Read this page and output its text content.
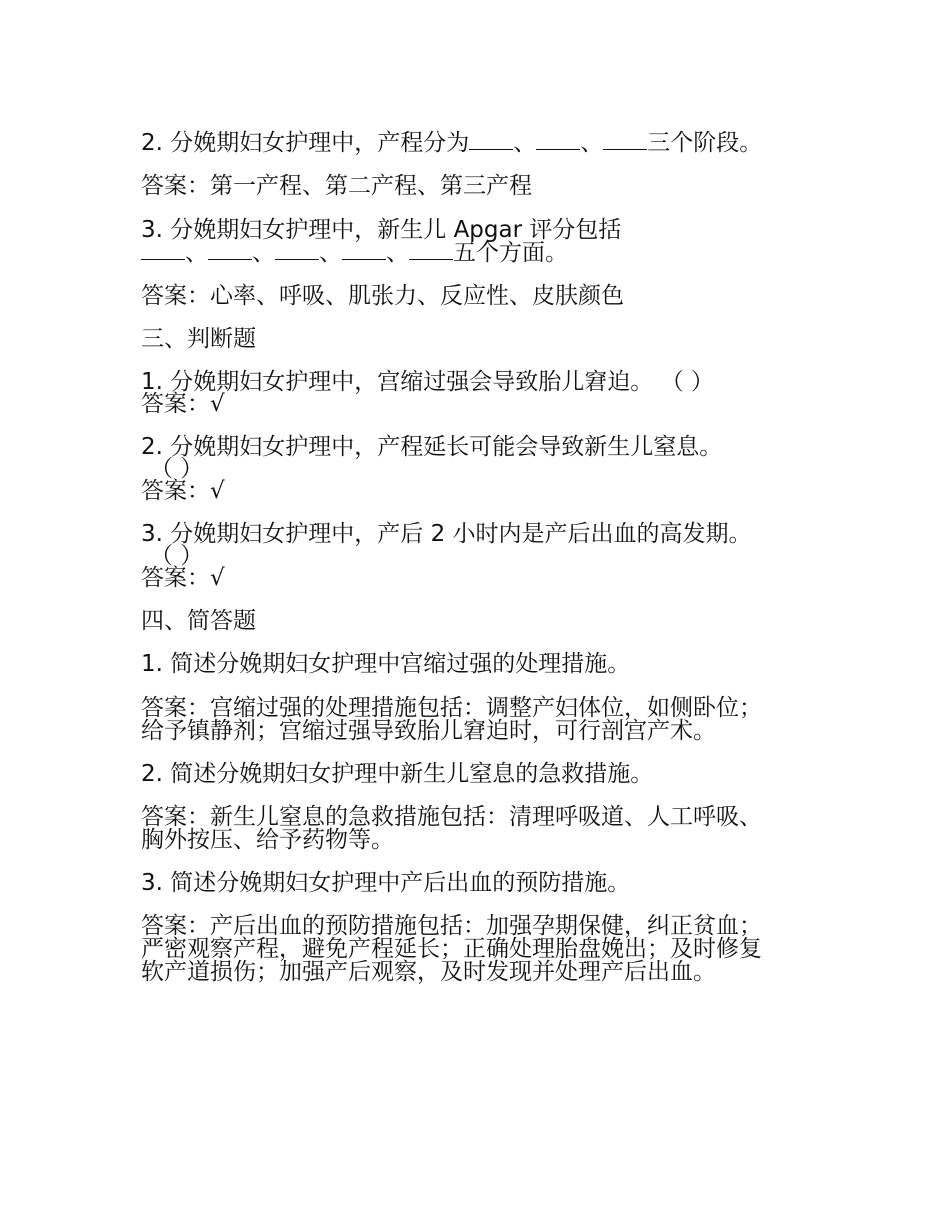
2. 分娩期妇女护理中，产程分为 、 、 三个阶段。
答案：第一产程、第二产程、第三产程
3. 分娩期妇女护理中，新生儿 Apgar 评分包括
、 、 、 、 五个方面。
答案：心率、呼吸、肌张力、反应性、皮肤颜色
三、判断题
1. 分娩期妇女护理中，宫缩过强会导致胎儿窘迫。 （ ）
答案：√
2. 分娩期妇女护理中，产程延长可能会导致新生儿窒息。
（ ）
答案：√
3. 分娩期妇女护理中，产后 2 小时内是产后出血的高发期。
（ ）
答案：√
四、简答题
1. 简述分娩期妇女护理中宫缩过强的处理措施。
答案：宫缩过强的处理措施包括：调整产妇体位，如侧卧位；
给予镇静剂；宫缩过强导致胎儿窘迫时，可行剖宫产术。
2. 简述分娩期妇女护理中新生儿窒息的急救措施。
答案：新生儿窒息的急救措施包括：清理呼吸道、人工呼吸、
胸外按压、给予药物等。
3. 简述分娩期妇女护理中产后出血的预防措施。
答案：产后出血的预防措施包括：加强孕期保健，纠正贫血；
严密观察产程，避免产程延长；正确处理胎盘娩出；及时修复
软产道损伤；加强产后观察，及时发现并处理产后出血。
